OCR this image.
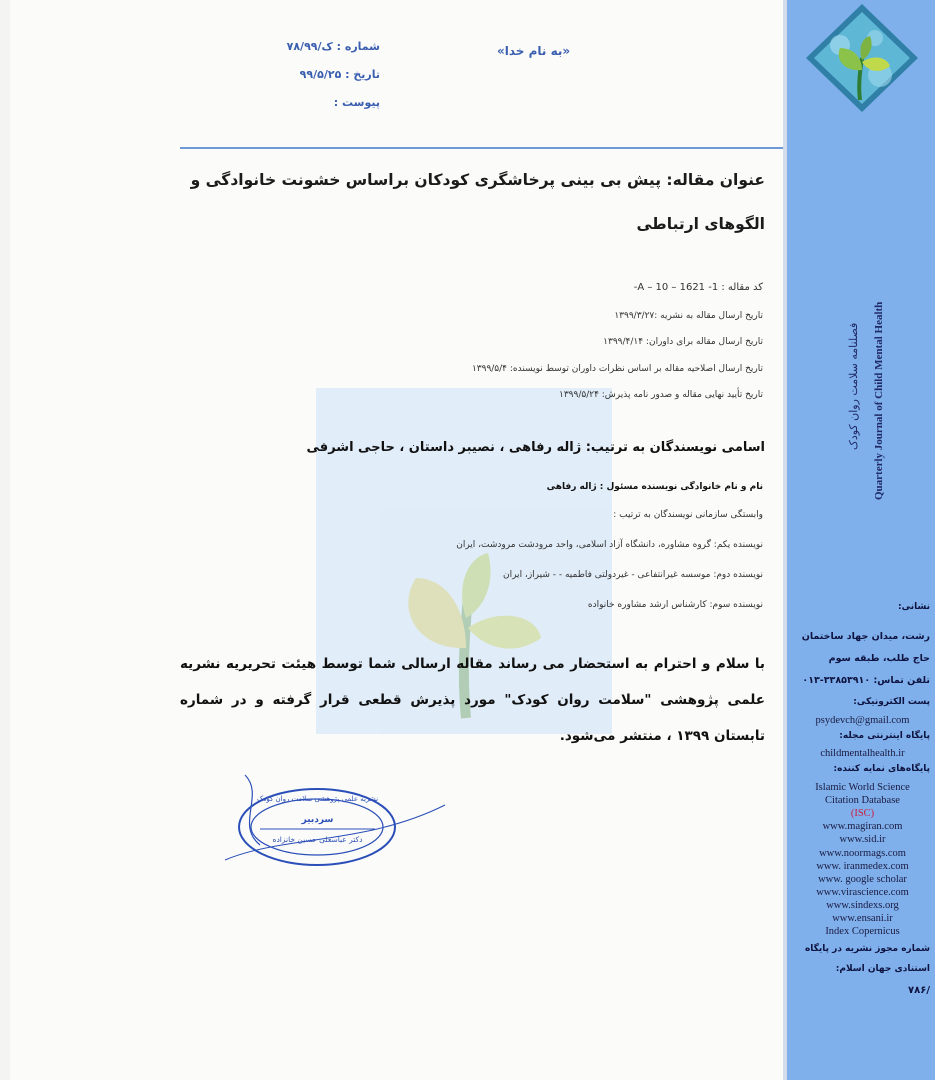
فصلنامه سلامت روان کودک Quarterly Journal of Child Mental Health
نشانی:
رشت، میدان جهاد ساختمان
حاج طلب، طبقه سوم
تلفن تماس: ۳۳۸۵۳۹۱۰-۰۱۳
پست الکترونیکی:
psydevch@gmail.com
پایگاه اینترنتی مجله:
childmentalhealth.ir
پایگاه‌های نمایه کننده:
Islamic World Science
Citation Database
(ISC)
www.magiran.com
www.sid.ir
www.noormags.com
www. iranmedex.com
www. google scholar
www.virascience.com
www.sindexs.org
www.ensani.ir
Index Copernicus
شماره مجوز نشریه در پایگاه
استنادی جهان اسلام:
۷۸۶/
«به نام خدا»
شماره : ک/۷۸/۹۹
تاریخ : ۹۹/۵/۲۵
پیوست :
عنوان مقاله: پیش بی بینی پرخاشگری کودکان براساس خشونت خانوادگی و الگوهای ارتباطی
کد مقاله : A – 10 – 1621 -1-
تاریخ ارسال مقاله به نشریه :۱۳۹۹/۳/۲۷
تاریخ ارسال مقاله برای داوران: ۱۳۹۹/۴/۱۴
تاریخ ارسال اصلاحیه مقاله بر اساس نظرات داوران توسط نویسنده: ۱۳۹۹/۵/۴
تاریخ تأیید نهایی مقاله و صدور نامه پذیرش: ۱۳۹۹/۵/۲۴
اسامی نویسندگان به ترتیب: ژاله رفاهی ، نصیبر داستان ، حاجی اشرفی
نام و نام خانوادگی نویسنده مسئول : ژاله رفاهی
وابستگی سازمانی نویسندگان به ترتیب :
نویسنده یکم: گروه مشاوره، دانشگاه آزاد اسلامی، واحد مرودشت مرودشت، ایران
نویسنده دوم: موسسه غیرانتفاعی - غیردولتی فاطمیه - - شیراز، ایران
نویسنده سوم: کارشناس ارشد مشاوره خانواده
با سلام و احترام به استحضار می رساند مقاله ارسالی شما توسط هیئت تحریریه نشریه علمی پژوهشی "سلامت روان کودک" مورد پذیرش قطعی قرار گرفته و در شماره تابستان ۱۳۹۹ ، منتشر می‌شود.
نشریه علمی پژوهشی سلامت روان کودک
سردبیر
دکتر عباسعلی حسین خانزاده
